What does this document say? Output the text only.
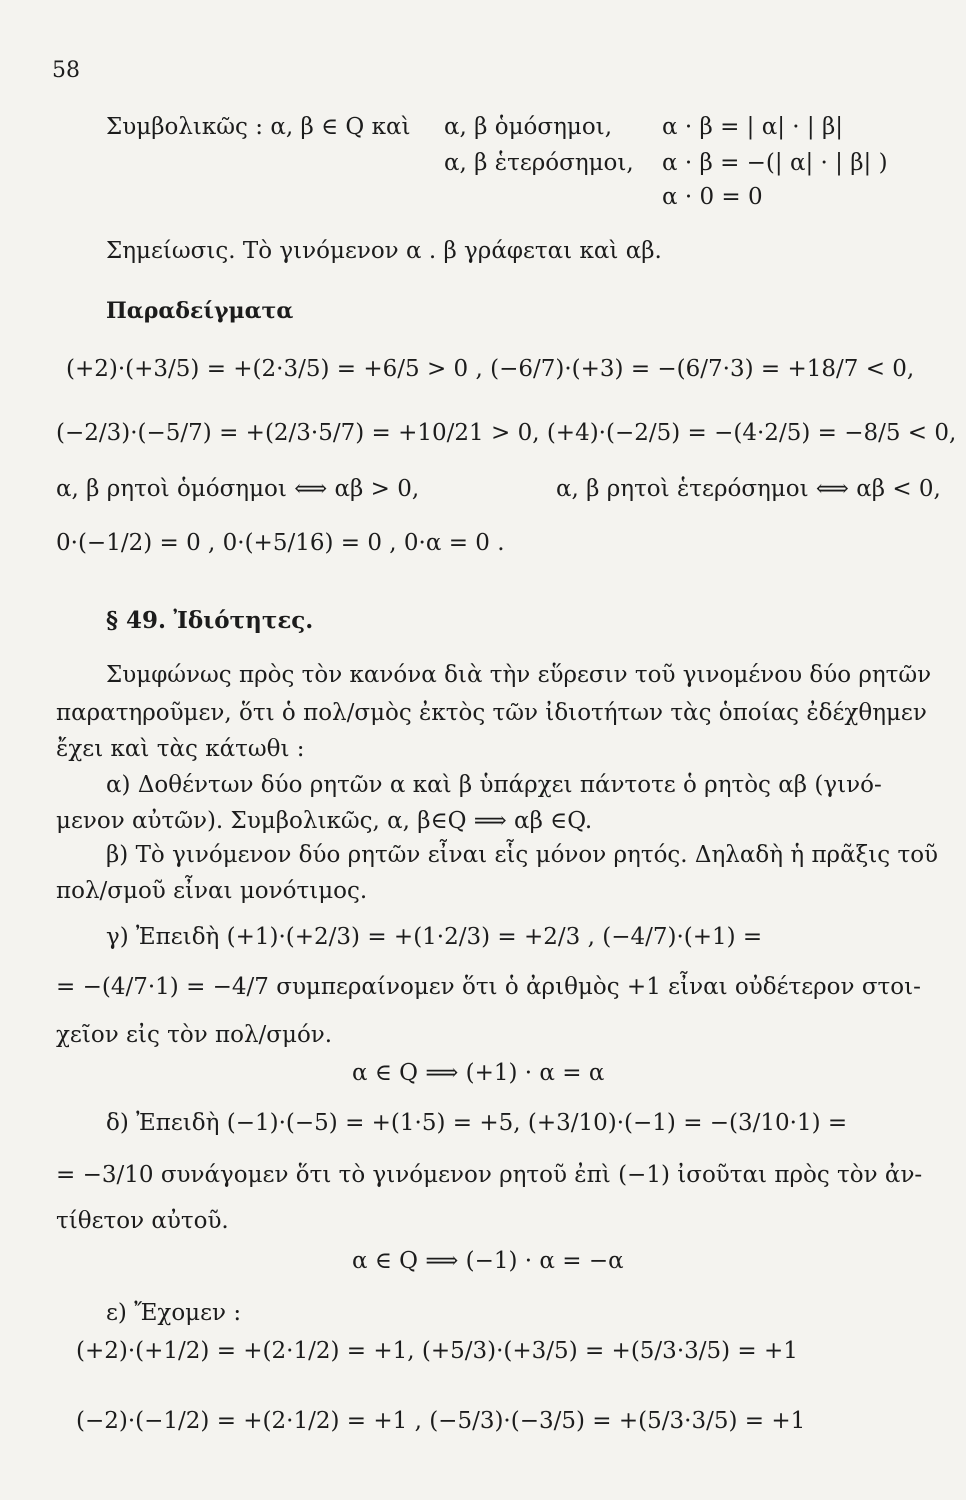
58
Συμβολικῶς : α, β ∈ Q καὶ α, β ὁμόσημοι, α · β = | α| · | β|
α, β ἑτερόσημοι, α · β = −(| α| · | β| )
α · 0 = 0
Σημείωσις. Τὸ γινόμενον α . β γράφεται καὶ αβ.
Παραδείγματα
(+2)·(+3/5) = +(2·3/5) = +6/5 > 0 , (−6/7)·(+3) = −(6/7·3) = +18/7 < 0,
(−2/3)·(−5/7) = +(2/3·5/7) = +10/21 > 0, (+4)·(−2/5) = −(4·2/5) = −8/5 < 0,
α, β ρητοὶ ὁμόσημοι ⟺ αβ > 0,	α, β ρητοὶ ἑτερόσημοι ⟺ αβ < 0,
0·(−1/2) = 0 , 0·(+5/16) = 0 , 0·α = 0 .
§ 49. Ἰδιότητες.
Συμφώνως πρὸς τὸν κανόνα διὰ τὴν εὕρεσιν τοῦ γινομένου δύο ρητῶν
παρατηροῦμεν, ὅτι ὁ πολ/σμὸς ἐκτὸς τῶν ἰδιοτήτων τὰς ὁποίας ἐδέχθημεν
ἔχει καὶ τὰς κάτωθι :
α) Δοθέντων δύο ρητῶν α καὶ β ὑπάρχει πάντοτε ὁ ρητὸς αβ (γινό-
μενον αὐτῶν). Συμβολικῶς, α, β∈Q ⟹ αβ ∈Q.
β) Τὸ γινόμενον δύο ρητῶν εἶναι εἷς μόνον ρητός. Δηλαδὴ ἡ πρᾶξις τοῦ
πολ/σμοῦ εἶναι μονότιμος.
γ) Ἐπειδὴ (+1)·(+2/3) = +(1·2/3) = +2/3 , (−4/7)·(+1) =
= −(4/7·1) = −4/7 συμπεραίνομεν ὅτι ὁ ἀριθμὸς +1 εἶναι οὐδέτερον στοι-
χεῖον εἰς τὸν πολ/σμόν.
α ∈ Q ⟹ (+1) · α = α
δ) Ἐπειδὴ (−1)·(−5) = +(1·5) = +5, (+3/10)·(−1) = −(3/10·1) =
= −3/10 συνάγομεν ὅτι τὸ γινόμενον ρητοῦ ἐπὶ (−1) ἰσοῦται πρὸς τὸν ἀν-
τίθετον αὐτοῦ.
α ∈ Q ⟹ (−1) · α = −α
ε) Ἔχομεν :
(+2)·(+1/2) = +(2·1/2) = +1, (+5/3)·(+3/5) = +(5/3·3/5) = +1
(−2)·(−1/2) = +(2·1/2) = +1 , (−5/3)·(−3/5) = +(5/3·3/5) = +1
